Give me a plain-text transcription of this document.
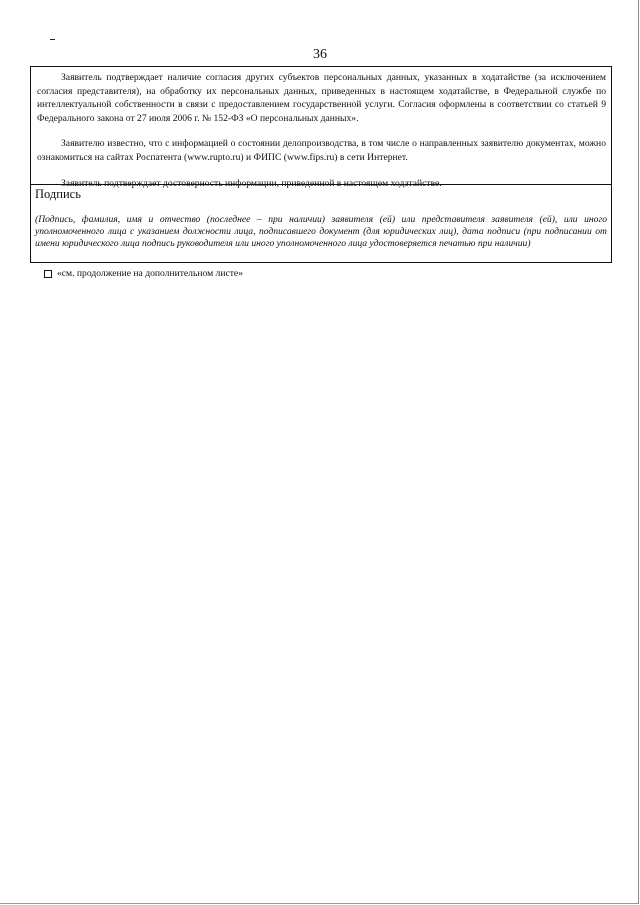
36

Заявитель подтверждает наличие согласия других субъектов персональных данных, указанных в ходатайстве (за исключением согласия представителя), на обработку их персональных данных, приведенных в настоящем ходатайстве, в Федеральной службе по интеллектуальной собственности в связи с предоставлением государственной услуги. Согласия оформлены в соответствии со статьей 9 Федерального закона от 27 июля 2006 г. № 152-ФЗ «О персональных данных».

Заявителю известно, что с информацией о состоянии делопроизводства, в том числе о направленных заявителю документах, можно ознакомиться на сайтах Роспатента (www.rupto.ru) и ФИПС (www.fips.ru) в сети Интернет.

Заявитель подтверждает достоверность информации, приведенной в настоящем ходатайстве.

Подпись
(Подпись, фамилия, имя и отчество (последнее – при наличии) заявителя (ей) или представителя заявителя (ей), или иного уполномоченного лица с указанием должности лица, подписавшего документ (для юридических лиц), дата подписи (при подписании от имени юридического лица подпись руководителя или иного уполномоченного лица удостоверяется печатью при наличии)
«см. продолжение на дополнительном листе»
